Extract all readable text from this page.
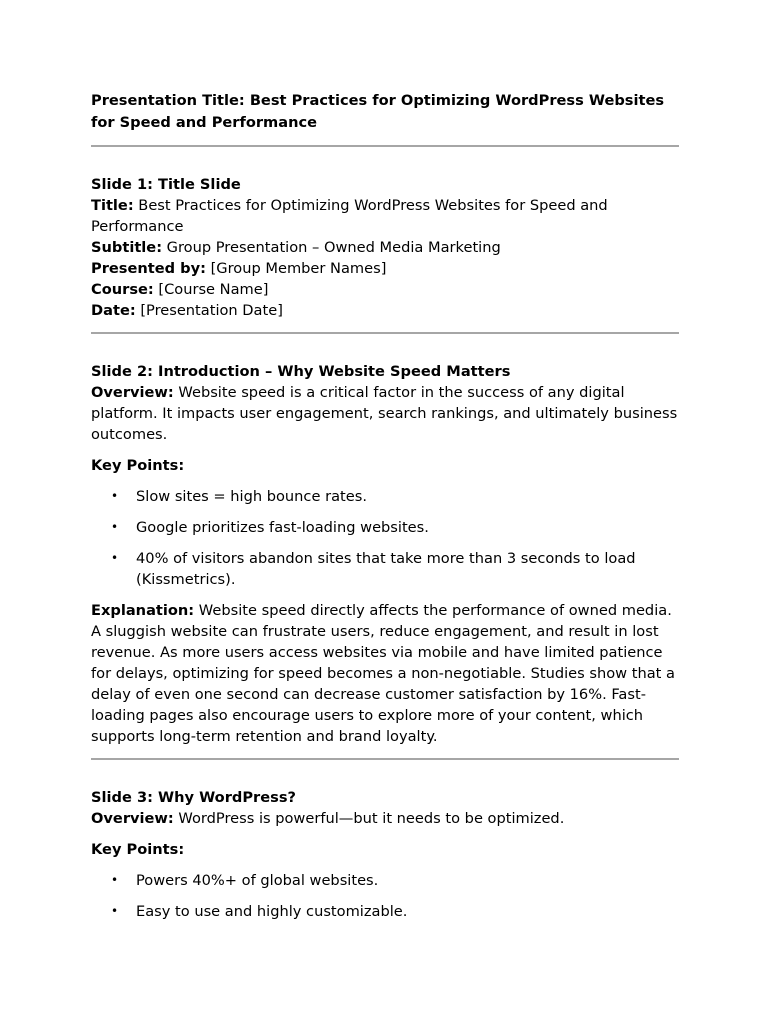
Presentation Title: Best Practices for Optimizing WordPress Websites for Speed and Performance

Slide 1: Title Slide

Title: Best Practices for Optimizing WordPress Websites for Speed and Performance

Subtitle: Group Presentation – Owned Media Marketing

Presented by: [Group Member Names]

Course: [Course Name]

Date: [Presentation Date]

Slide 2: Introduction – Why Website Speed Matters

Overview: Website speed is a critical factor in the success of any digital platform. It impacts user engagement, search rankings, and ultimately business outcomes.

Key Points:

• Slow sites = high bounce rates.
• Google prioritizes fast-loading websites.
• 40% of visitors abandon sites that take more than 3 seconds to load (Kissmetrics).

Explanation: Website speed directly affects the performance of owned media. A sluggish website can frustrate users, reduce engagement, and result in lost revenue. As more users access websites via mobile and have limited patience for delays, optimizing for speed becomes a non-negotiable. Studies show that a delay of even one second can decrease customer satisfaction by 16%. Fast-loading pages also encourage users to explore more of your content, which supports long-term retention and brand loyalty.

Slide 3: Why WordPress?

Overview: WordPress is powerful—but it needs to be optimized.

Key Points:

• Powers 40%+ of global websites.
• Easy to use and highly customizable.
